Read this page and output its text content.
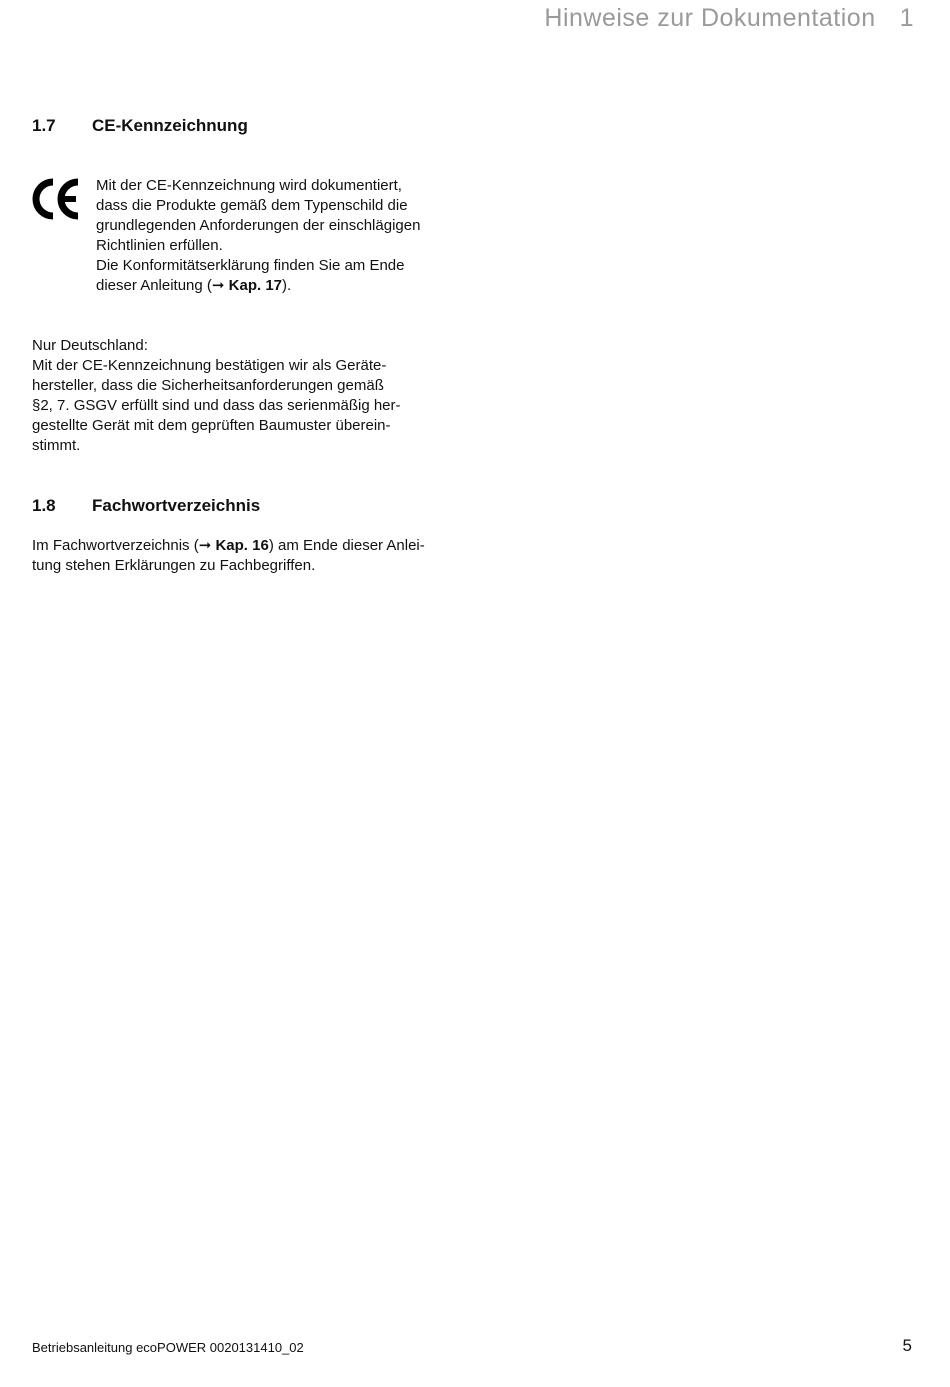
Hinweise zur Dokumentation 1
1.7 CE-Kennzeichnung
Mit der CE-Kennzeichnung wird dokumentiert,
dass die Produkte gemäß dem Typenschild die
grundlegenden Anforderungen der einschlägigen
Richtlinien erfüllen.
Die Konformitätserklärung finden Sie am Ende
dieser Anleitung (➞ Kap. 17).
Nur Deutschland:
Mit der CE-Kennzeichnung bestätigen wir als Geräte-
hersteller, dass die Sicherheitsanforderungen gemäß
§2, 7. GSGV erfüllt sind und dass das serienmäßig her-
gestellte Gerät mit dem geprüften Baumuster überein-
stimmt.
1.8 Fachwortverzeichnis
Im Fachwortverzeichnis (➞ Kap. 16) am Ende dieser Anlei-
tung stehen Erklärungen zu Fachbegriffen.
Betriebsanleitung ecoPOWER 0020131410_02	5
